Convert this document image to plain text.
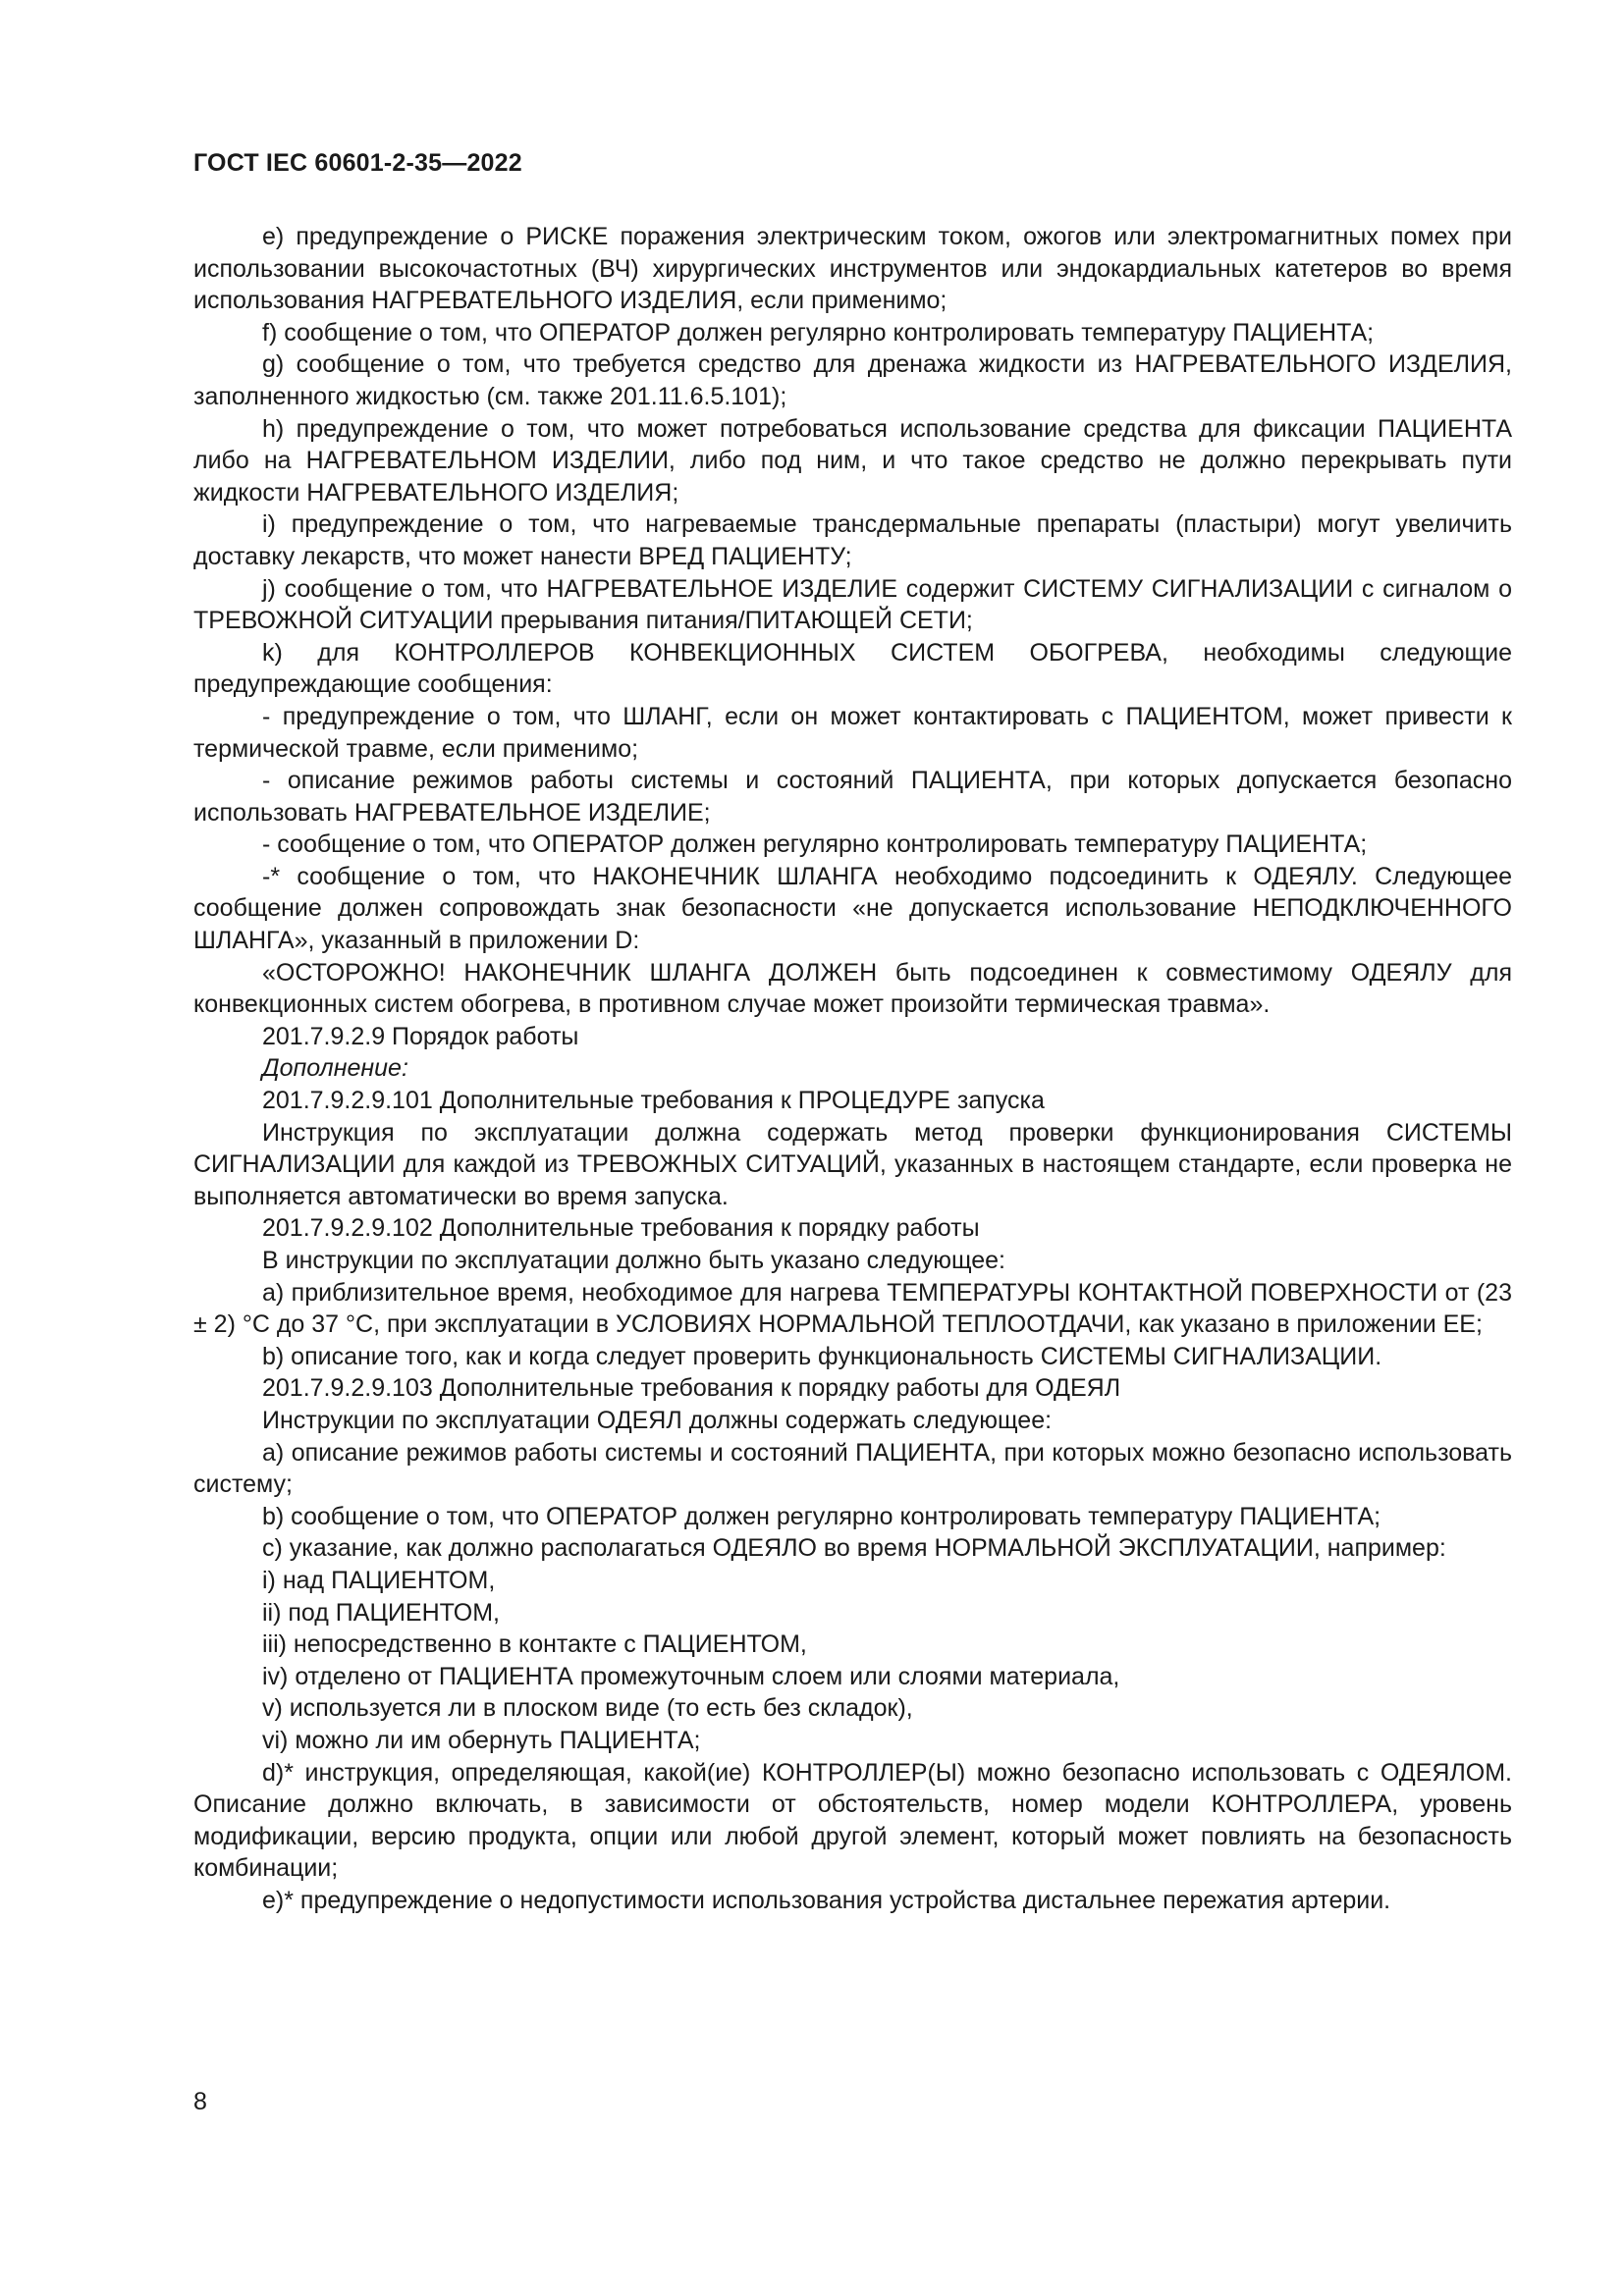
ГОСТ IEC 60601-2-35—2022

e) предупреждение о РИСКЕ поражения электрическим током, ожогов или электромагнитных помех при использовании высокочастотных (ВЧ) хирургических инструментов или эндокардиальных катетеров во время использования НАГРЕВАТЕЛЬНОГО ИЗДЕЛИЯ, если применимо;

f) сообщение о том, что ОПЕРАТОР должен регулярно контролировать температуру ПАЦИЕНТА;

g) сообщение о том, что требуется средство для дренажа жидкости из НАГРЕВАТЕЛЬНОГО ИЗДЕЛИЯ, заполненного жидкостью (см. также 201.11.6.5.101);

h) предупреждение о том, что может потребоваться использование средства для фиксации ПАЦИЕНТА либо на НАГРЕВАТЕЛЬНОМ ИЗДЕЛИИ, либо под ним, и что такое средство не должно перекрывать пути жидкости НАГРЕВАТЕЛЬНОГО ИЗДЕЛИЯ;

i) предупреждение о том, что нагреваемые трансдермальные препараты (пластыри) могут увеличить доставку лекарств, что может нанести ВРЕД ПАЦИЕНТУ;

j) сообщение о том, что НАГРЕВАТЕЛЬНОЕ ИЗДЕЛИЕ содержит СИСТЕМУ СИГНАЛИЗАЦИИ с сигналом о ТРЕВОЖНОЙ СИТУАЦИИ прерывания питания/ПИТАЮЩЕЙ СЕТИ;

k) для КОНТРОЛЛЕРОВ КОНВЕКЦИОННЫХ СИСТЕМ ОБОГРЕВА, необходимы следующие предупреждающие сообщения:

- предупреждение о том, что ШЛАНГ, если он может контактировать с ПАЦИЕНТОМ, может привести к термической травме, если применимо;

- описание режимов работы системы и состояний ПАЦИЕНТА, при которых допускается безопасно использовать НАГРЕВАТЕЛЬНОЕ ИЗДЕЛИЕ;

- сообщение о том, что ОПЕРАТОР должен регулярно контролировать температуру ПАЦИЕНТА;

-* сообщение о том, что НАКОНЕЧНИК ШЛАНГА необходимо подсоединить к ОДЕЯЛУ. Следующее сообщение должен сопровождать знак безопасности «не допускается использование НЕПОДКЛЮЧЕННОГО ШЛАНГА», указанный в приложении D:

«ОСТОРОЖНО! НАКОНЕЧНИК ШЛАНГА ДОЛЖЕН быть подсоединен к совместимому ОДЕЯЛУ для конвекционных систем обогрева, в противном случае может произойти термическая травма».

201.7.9.2.9 Порядок работы

Дополнение:

201.7.9.2.9.101 Дополнительные требования к ПРОЦЕДУРЕ запуска

Инструкция по эксплуатации должна содержать метод проверки функционирования СИСТЕМЫ СИГНАЛИЗАЦИИ для каждой из ТРЕВОЖНЫХ СИТУАЦИЙ, указанных в настоящем стандарте, если проверка не выполняется автоматически во время запуска.

201.7.9.2.9.102 Дополнительные требования к порядку работы

В инструкции по эксплуатации должно быть указано следующее:

a) приблизительное время, необходимое для нагрева ТЕМПЕРАТУРЫ КОНТАКТНОЙ ПОВЕРХНОСТИ от (23 ± 2) °С до 37 °С, при эксплуатации в УСЛОВИЯХ НОРМАЛЬНОЙ ТЕПЛООТДАЧИ, как указано в приложении ЕЕ;

b) описание того, как и когда следует проверить функциональность СИСТЕМЫ СИГНАЛИЗАЦИИ.

201.7.9.2.9.103 Дополнительные требования к порядку работы для ОДЕЯЛ

Инструкции по эксплуатации ОДЕЯЛ должны содержать следующее:

a) описание режимов работы системы и состояний ПАЦИЕНТА, при которых можно безопасно использовать систему;

b) сообщение о том, что ОПЕРАТОР должен регулярно контролировать температуру ПАЦИЕНТА;

c) указание, как должно располагаться ОДЕЯЛО во время НОРМАЛЬНОЙ ЭКСПЛУАТАЦИИ, например:

i) над ПАЦИЕНТОМ,

ii) под ПАЦИЕНТОМ,

iii) непосредственно в контакте с ПАЦИЕНТОМ,

iv) отделено от ПАЦИЕНТА промежуточным слоем или слоями материала,

v) используется ли в плоском виде (то есть без складок),

vi) можно ли им обернуть ПАЦИЕНТА;

d)* инструкция, определяющая, какой(ие) КОНТРОЛЛЕР(Ы) можно безопасно использовать с ОДЕЯЛОМ. Описание должно включать, в зависимости от обстоятельств, номер модели КОНТРОЛЛЕРА, уровень модификации, версию продукта, опции или любой другой элемент, который может повлиять на безопасность комбинации;

e)* предупреждение о недопустимости использования устройства дистальнее пережатия артерии.

8
